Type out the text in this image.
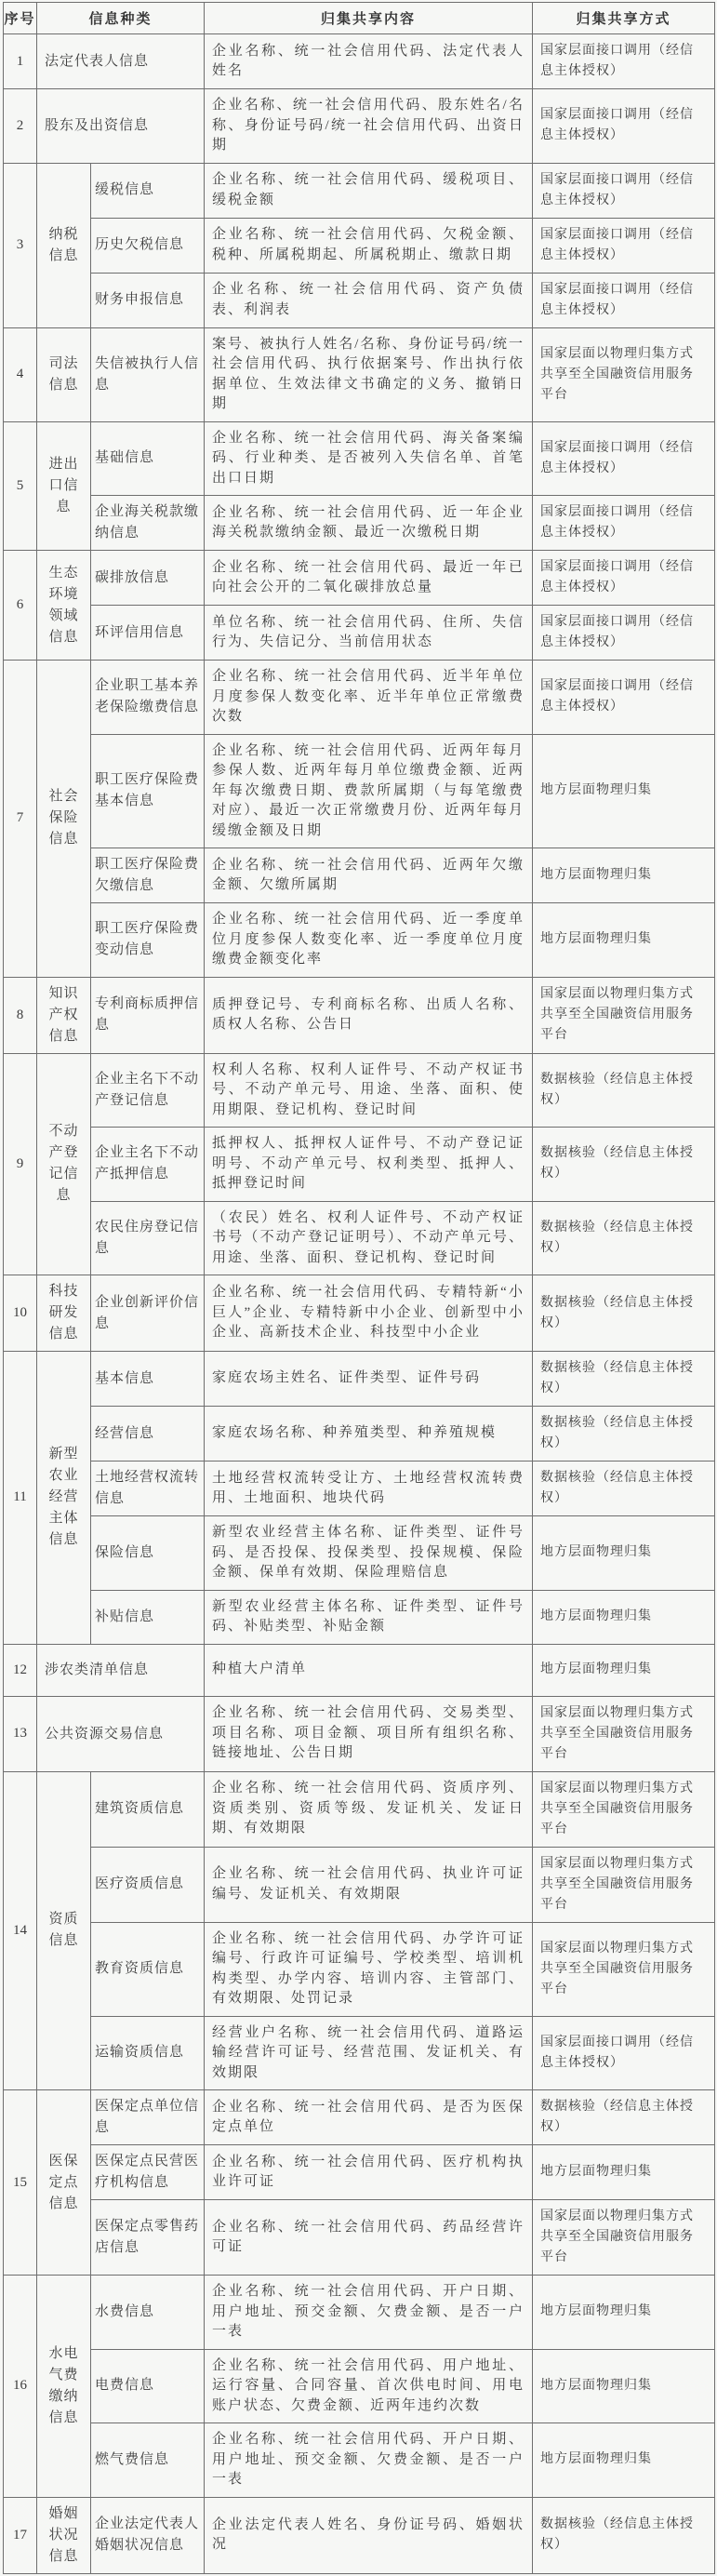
序号	信息种类		归集共享内容	归集共享方式
1	法定代表人信息		企业名称、统一社会信用代码、法定代表人姓名	国家层面接口调用（经信息主体授权）
2	股东及出资信息		企业名称、统一社会信用代码、股东姓名/名称、身份证号码/统一社会信用代码、出资日期	国家层面接口调用（经信息主体授权）
3	纳税信息	缓税信息	企业名称、统一社会信用代码、缓税项目、缓税金额	国家层面接口调用（经信息主体授权）
		历史欠税信息	企业名称、统一社会信用代码、欠税金额、税种、所属税期起、所属税期止、缴款日期	国家层面接口调用（经信息主体授权）
		财务申报信息	企业名称、统一社会信用代码、资产负债表、利润表	国家层面接口调用（经信息主体授权）
4	司法信息	失信被执行人信息	案号、被执行人姓名/名称、身份证号码/统一社会信用代码、执行依据案号、作出执行依据单位、生效法律文书确定的义务、撤销日期	国家层面以物理归集方式共享至全国融资信用服务平台
5	进出口信息	基础信息	企业名称、统一社会信用代码、海关备案编码、行业种类、是否被列入失信名单、首笔出口日期	国家层面接口调用（经信息主体授权）
		企业海关税款缴纳信息	企业名称、统一社会信用代码、近一年企业海关税款缴纳金额、最近一次缴税日期	国家层面接口调用（经信息主体授权）
6	生态环境领域信息	碳排放信息	企业名称、统一社会信用代码、最近一年已向社会公开的二氧化碳排放总量	国家层面接口调用（经信息主体授权）
		环评信用信息	单位名称、统一社会信用代码、住所、失信行为、失信记分、当前信用状态	国家层面接口调用（经信息主体授权）
7	社会保险信息	企业职工基本养老保险缴费信息	企业名称、统一社会信用代码、近半年单位月度参保人数变化率、近半年单位正常缴费次数	国家层面接口调用（经信息主体授权）
		职工医疗保险费基本信息	企业名称、统一社会信用代码、近两年每月参保人数、近两年每月单位缴费金额、近两年每次缴费日期、费款所属期（与每笔缴费对应）、最近一次正常缴费月份、近两年每月缓缴金额及日期	地方层面物理归集
		职工医疗保险费欠缴信息	企业名称、统一社会信用代码、近两年欠缴金额、欠缴所属期	地方层面物理归集
		职工医疗保险费变动信息	企业名称、统一社会信用代码、近一季度单位月度参保人数变化率、近一季度单位月度缴费金额变化率	地方层面物理归集
8	知识产权信息	专利商标质押信息	质押登记号、专利商标名称、出质人名称、质权人名称、公告日	国家层面以物理归集方式共享至全国融资信用服务平台
9	不动产登记信息	企业主名下不动产登记信息	权利人名称、权利人证件号、不动产权证书号、不动产单元号、用途、坐落、面积、使用期限、登记机构、登记时间	数据核验（经信息主体授权）
		企业主名下不动产抵押信息	抵押权人、抵押权人证件号、不动产登记证明号、不动产单元号、权利类型、抵押人、抵押登记时间	数据核验（经信息主体授权）
		农民住房登记信息	（农民）姓名、权利人证件号、不动产权证书号（不动产登记证明号）、不动产单元号、用途、坐落、面积、登记机构、登记时间	数据核验（经信息主体授权）
10	科技研发信息	企业创新评价信息	企业名称、统一社会信用代码、专精特新“小巨人”企业、专精特新中小企业、创新型中小企业、高新技术企业、科技型中小企业	数据核验（经信息主体授权）
11	新型农业经营主体信息	基本信息	家庭农场主姓名、证件类型、证件号码	数据核验（经信息主体授权）
		经营信息	家庭农场名称、种养殖类型、种养殖规模	数据核验（经信息主体授权）
		土地经营权流转信息	土地经营权流转受让方、土地经营权流转费用、土地面积、地块代码	数据核验（经信息主体授权）
		保险信息	新型农业经营主体名称、证件类型、证件号码、是否投保、投保类型、投保规模、保险金额、保单有效期、保险理赔信息	地方层面物理归集
		补贴信息	新型农业经营主体名称、证件类型、证件号码、补贴类型、补贴金额	地方层面物理归集
12	涉农类清单信息		种植大户清单	地方层面物理归集
13	公共资源交易信息		企业名称、统一社会信用代码、交易类型、项目名称、项目金额、项目所有组织名称、链接地址、公告日期	国家层面以物理归集方式共享至全国融资信用服务平台
14	资质信息	建筑资质信息	企业名称、统一社会信用代码、资质序列、资质类别、资质等级、发证机关、发证日期、有效期限	国家层面以物理归集方式共享至全国融资信用服务平台
		医疗资质信息	企业名称、统一社会信用代码、执业许可证编号、发证机关、有效期限	国家层面以物理归集方式共享至全国融资信用服务平台
		教育资质信息	企业名称、统一社会信用代码、办学许可证编号、行政许可证编号、学校类型、培训机构类型、办学内容、培训内容、主管部门、有效期限、处罚记录	国家层面以物理归集方式共享至全国融资信用服务平台
		运输资质信息	经营业户名称、统一社会信用代码、道路运输经营许可证号、经营范围、发证机关、有效期限	国家层面接口调用（经信息主体授权）
15	医保定点信息	医保定点单位信息	企业名称、统一社会信用代码、是否为医保定点单位	数据核验（经信息主体授权）
		医保定点民营医疗机构信息	企业名称、统一社会信用代码、医疗机构执业许可证	地方层面物理归集
		医保定点零售药店信息	企业名称、统一社会信用代码、药品经营许可证	国家层面以物理归集方式共享至全国融资信用服务平台
16	水电气费缴纳信息	水费信息	企业名称、统一社会信用代码、开户日期、用户地址、预交金额、欠费金额、是否一户一表	地方层面物理归集
		电费信息	企业名称、统一社会信用代码、用户地址、运行容量、合同容量、首次供电时间、用电账户状态、欠费金额、近两年违约次数	地方层面物理归集
		燃气费信息	企业名称、统一社会信用代码、开户日期、用户地址、预交金额、欠费金额、是否一户一表	地方层面物理归集
17	婚姻状况信息	企业法定代表人婚姻状况信息	企业法定代表人姓名、身份证号码、婚姻状况	数据核验（经信息主体授权）
